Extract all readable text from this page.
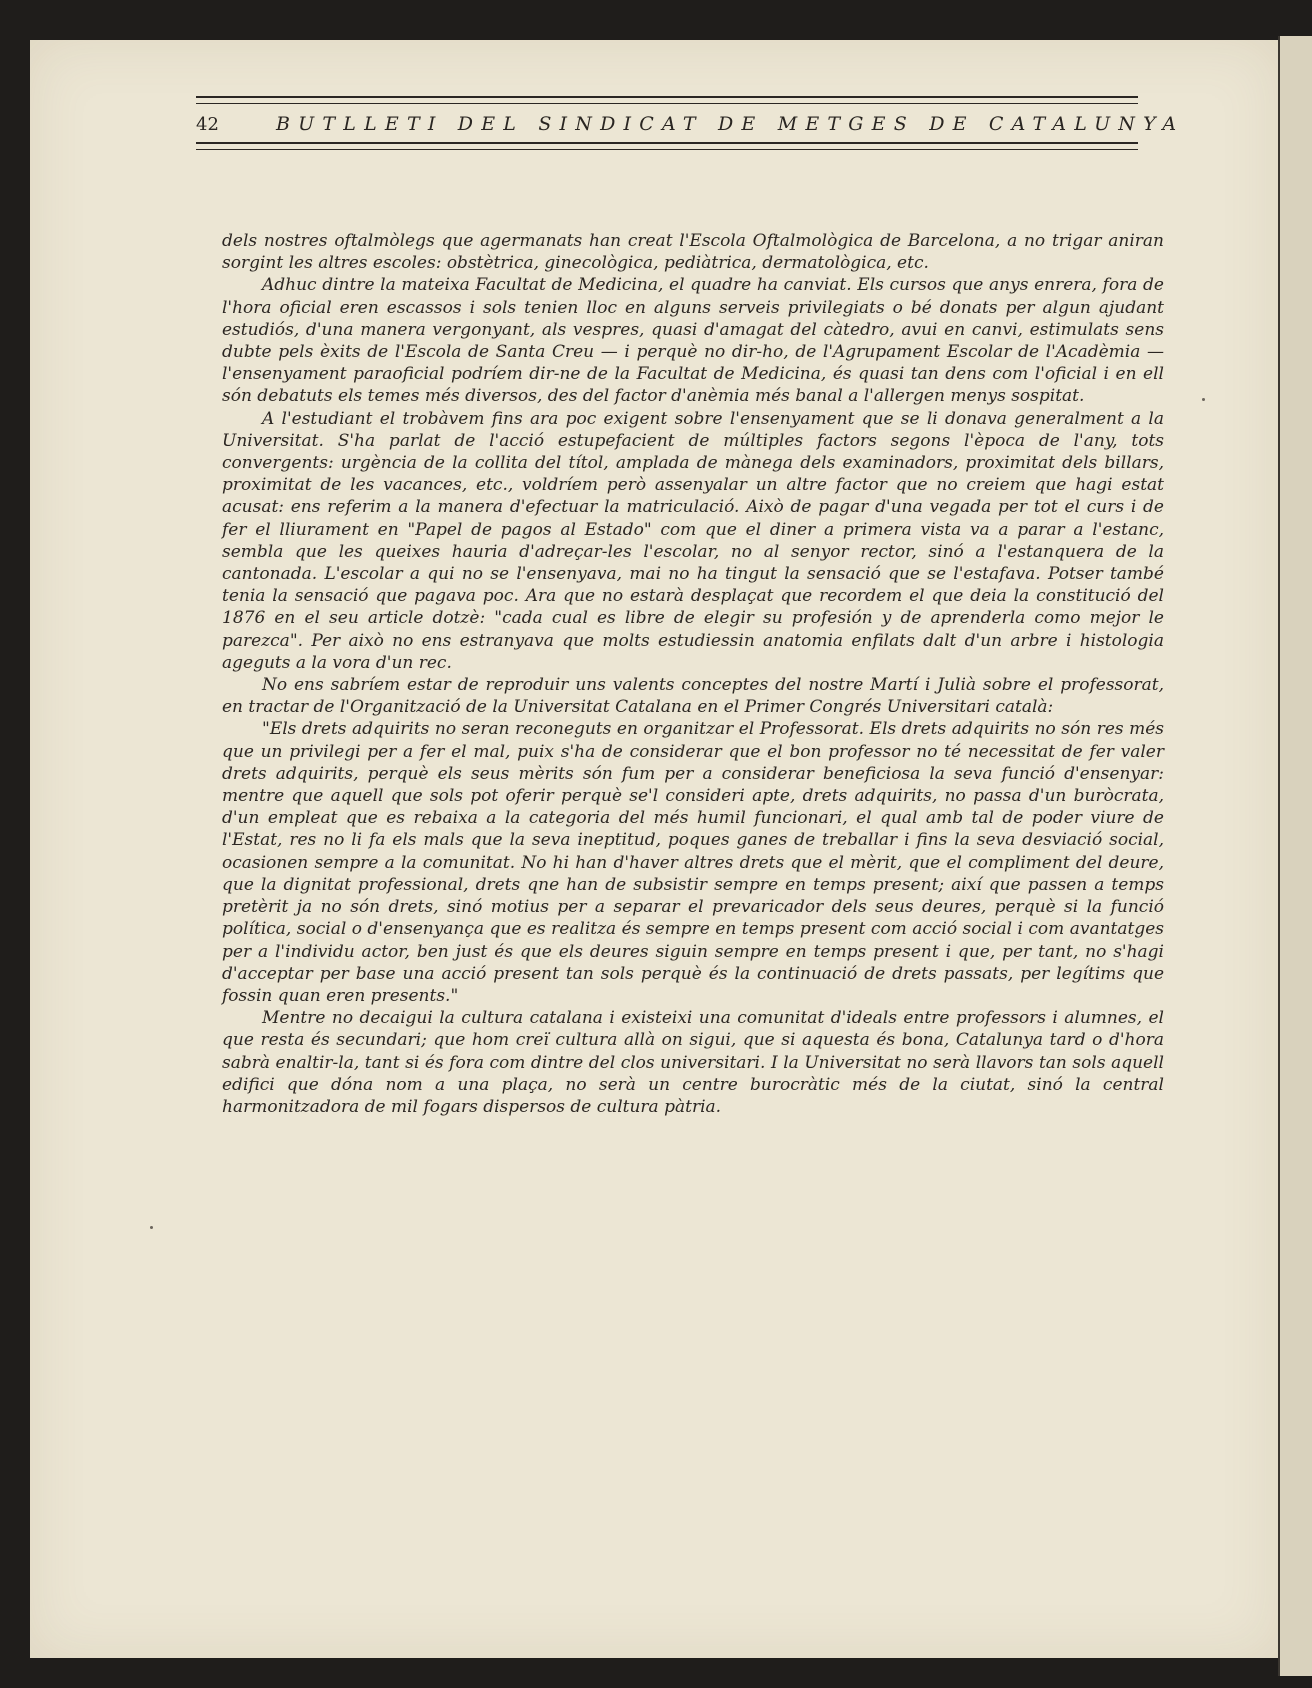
42	BUTLLETI DEL SINDICAT DE METGES DE CATALUNYA

dels nostres oftalmòlegs que agermanats han creat l'Escola Oftalmològica de Barcelona, a no trigar aniran sorgint les altres escoles: obstètrica, ginecològica, pediàtrica, dermatològica, etc.

Adhuc dintre la mateixa Facultat de Medicina, el quadre ha canviat. Els cursos que anys enrera, fora de l'hora oficial eren escassos i sols tenien lloc en alguns serveis privilegiats o bé donats per algun ajudant estudiós, d'una manera vergonyant, als vespres, quasi d'amagat del càtedro, avui en canvi, estimulats sens dubte pels èxits de l'Escola de Santa Creu — i perquè no dir-ho, de l'Agrupament Escolar de l'Acadèmia — l'ensenyament paraoficial podríem dir-ne de la Facultat de Medicina, és quasi tan dens com l'oficial i en ell són debatuts els temes més diversos, des del factor d'anèmia més banal a l'allergen menys sospitat.

A l'estudiant el trobàvem fins ara poc exigent sobre l'ensenyament que se li donava generalment a la Universitat. S'ha parlat de l'acció estupefacient de múltiples factors segons l'època de l'any, tots convergents: urgència de la collita del títol, amplada de mànega dels examinadors, proximitat dels billars, proximitat de les vacances, etc., voldríem però assenyalar un altre factor que no creiem que hagi estat acusat: ens referim a la manera d'efectuar la matriculació. Això de pagar d'una vegada per tot el curs i de fer el lliurament en "Papel de pagos al Estado" com que el diner a primera vista va a parar a l'estanc, sembla que les queixes hauria d'adreçar-les l'escolar, no al senyor rector, sinó a l'estanquera de la cantonada. L'escolar a qui no se l'ensenyava, mai no ha tingut la sensació que se l'estafava. Potser també tenia la sensació que pagava poc. Ara que no estarà desplaçat que recordem el que deia la constitució del 1876 en el seu article dotzè: "cada cual es libre de elegir su profesión y de aprenderla como mejor le parezca". Per això no ens estranyava que molts estudiessin anatomia enfilats dalt d'un arbre i histologia ageguts a la vora d'un rec.

No ens sabríem estar de reproduir uns valents conceptes del nostre Martí i Julià sobre el professorat, en tractar de l'Organització de la Universitat Catalana en el Primer Congrés Universitari català:

"Els drets adquirits no seran reconeguts en organitzar el Professorat. Els drets adquirits no són res més que un privilegi per a fer el mal, puix s'ha de considerar que el bon professor no té necessitat de fer valer drets adquirits, perquè els seus mèrits són fum per a considerar beneficiosa la seva funció d'ensenyar: mentre que aquell que sols pot oferir perquè se'l consideri apte, drets adquirits, no passa d'un buròcrata, d'un empleat que es rebaixa a la categoria del més humil funcionari, el qual amb tal de poder viure de l'Estat, res no li fa els mals que la seva ineptitud, poques ganes de treballar i fins la seva desviació social, ocasionen sempre a la comunitat. No hi han d'haver altres drets que el mèrit, que el compliment del deure, que la dignitat professional, drets qne han de subsistir sempre en temps present; així que passen a temps pretèrit ja no són drets, sinó motius per a separar el prevaricador dels seus deures, perquè si la funció política, social o d'ensenyança que es realitza és sempre en temps present com acció social i com avantatges per a l'individu actor, ben just és que els deures siguin sempre en temps present i que, per tant, no s'hagi d'acceptar per base una acció present tan sols perquè és la continuació de drets passats, per legítims que fossin quan eren presents."

Mentre no decaigui la cultura catalana i existeixi una comunitat d'ideals entre professors i alumnes, el que resta és secundari; que hom creï cultura allà on sigui, que si aquesta és bona, Catalunya tard o d'hora sabrà enaltir-la, tant si és fora com dintre del clos universitari. I la Universitat no serà llavors tan sols aquell edifici que dóna nom a una plaça, no serà un centre burocràtic més de la ciutat, sinó la central harmonitzadora de mil fogars dispersos de cultura pàtria.
